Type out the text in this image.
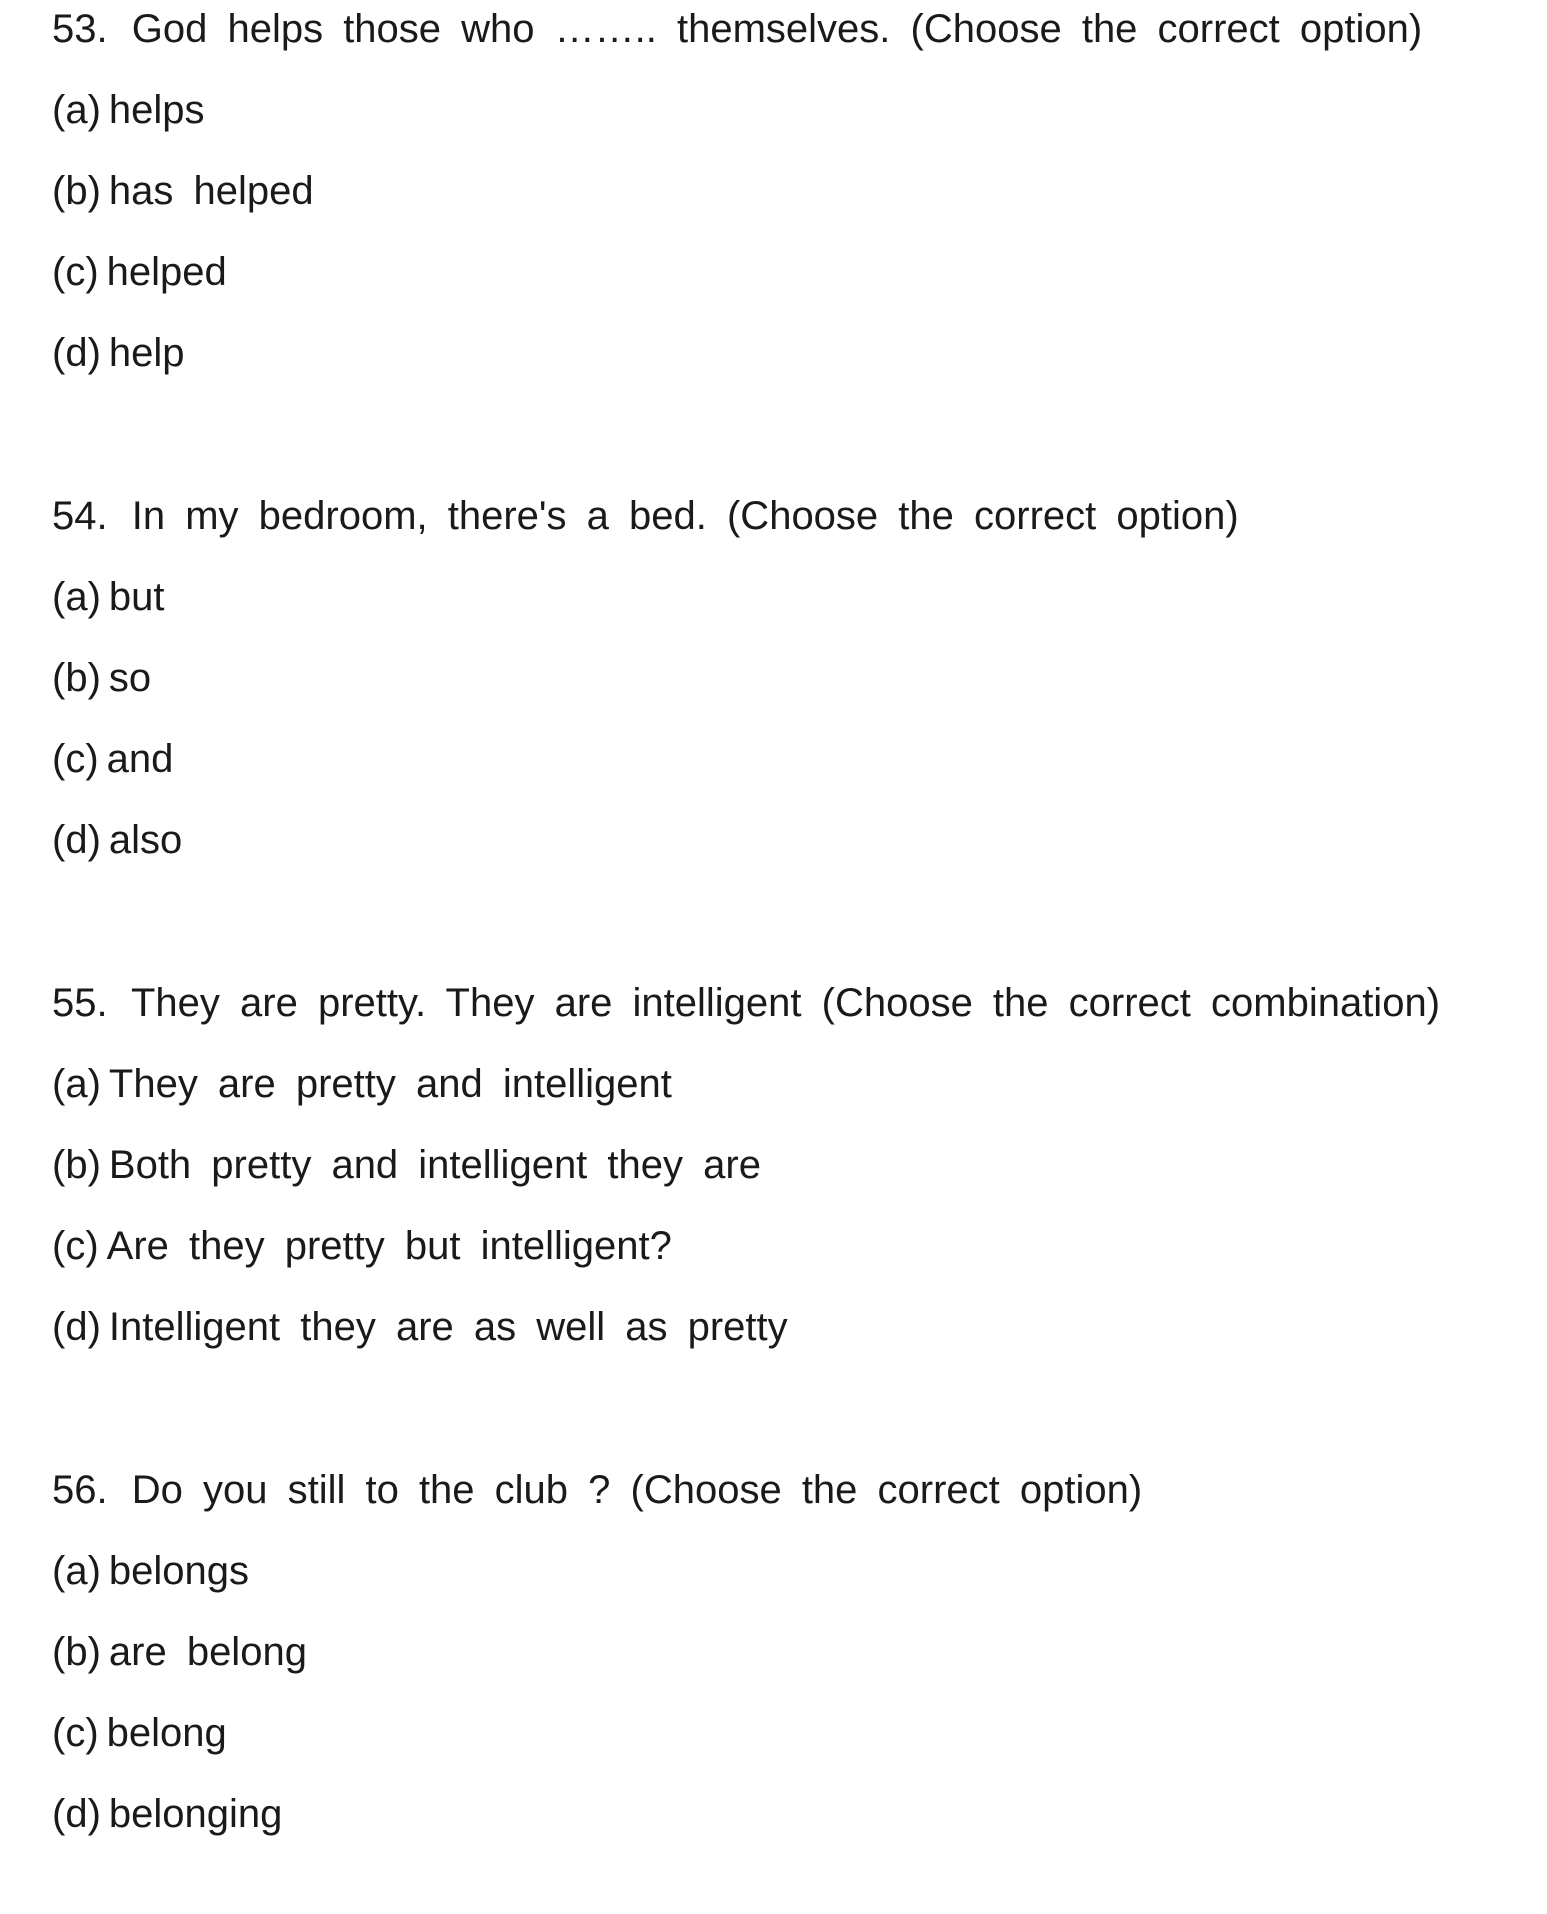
53. God helps those who …….. themselves. (Choose the correct option)
(a) helps
(b) has helped
(c) helped
(d) help
54. In my bedroom, there's a bed. (Choose the correct option)
(a) but
(b) so
(c) and
(d) also
55. They are pretty. They are intelligent (Choose the correct combination)
(a) They are pretty and intelligent
(b) Both pretty and intelligent they are
(c) Are they pretty but intelligent?
(d) Intelligent they are as well as pretty
56. Do you still to the club ? (Choose the correct option)
(a) belongs
(b) are belong
(c) belong
(d) belonging
